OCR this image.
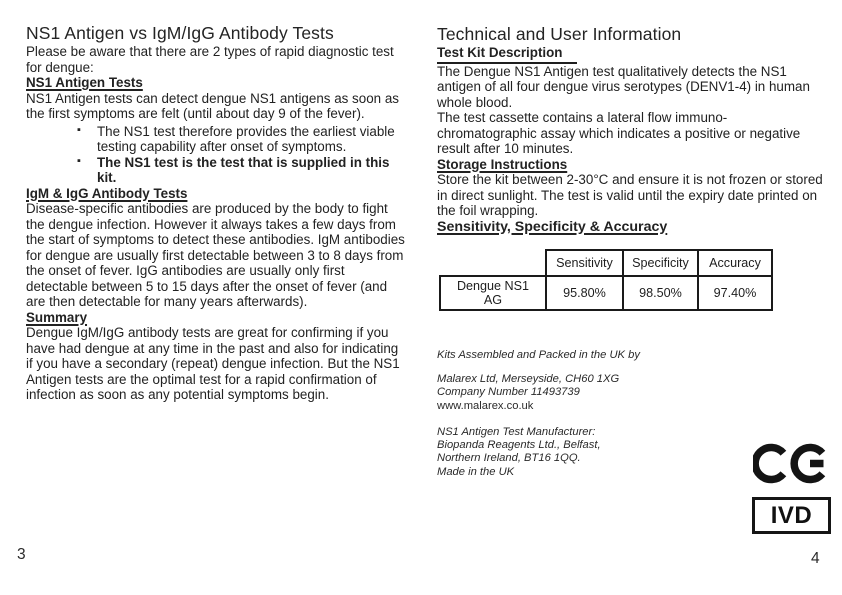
NS1 Antigen vs IgM/IgG Antibody Tests

Please be aware that there are 2 types of rapid diagnostic test for dengue:

NS1 Antigen Tests

NS1 Antigen tests can detect dengue NS1 antigens as soon as the first symptoms are felt (until about day 9 of the fever).

▪ The NS1 test therefore provides the earliest viable testing capability after onset of symptoms.
▪ The NS1 test is the test that is supplied in this kit.
IgM & IgG Antibody Tests

Disease-specific antibodies are produced by the body to fight the dengue infection. However it always takes a few days from the start of symptoms to detect these antibodies. IgM antibodies for dengue are usually first detectable between 3 to 8 days from the onset of fever. IgG antibodies are usually only first detectable between 5 to 15 days after the onset of fever (and are then detectable for many years afterwards).

Summary

Dengue IgM/IgG antibody tests are great for confirming if you have had dengue at any time in the past and also for indicating if you have a secondary (repeat) dengue infection. But the NS1 Antigen tests are the optimal test for a rapid confirmation of infection as soon as any potential symptoms begin.

Technical and User Information
Test Kit Description

The Dengue NS1 Antigen test qualitatively detects the NS1 antigen of all four dengue virus serotypes (DENV1-4) in human whole blood.

The test cassette contains a lateral flow immuno-chromatographic assay which indicates a positive or negative result after 10 minutes.

Storage Instructions

Store the kit between 2-30°C and ensure it is not frozen or stored in direct sunlight. The test is valid until the expiry date printed on the foil wrapping.

Sensitivity, Specificity & Accuracy
	Sensitivity	Specificity	Accuracy
Dengue NS1 AG	95.80%	98.50%	97.40%

Kits Assembled and Packed in the UK by

Malarex Ltd, Merseyside, CH60 1XG
Company Number 11493739
www.malarex.co.uk
NS1 Antigen Test Manufacturer:
Biopanda Reagents Ltd., Belfast,
Northern Ireland, BT16 1QQ.
Made in the UK
IVD
3	4
